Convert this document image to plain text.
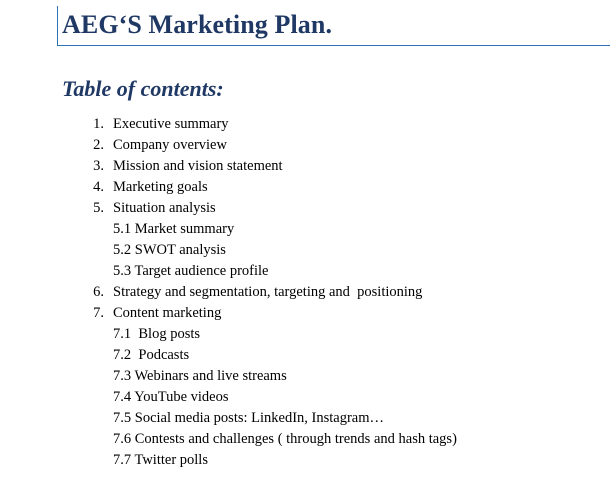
AEG‘S Marketing Plan.
Table of contents:
1. Executive summary
2. Company overview
3. Mission and vision statement
4. Marketing goals
5. Situation analysis
5.1 Market summary
5.2 SWOT analysis
5.3 Target audience profile
6. Strategy and segmentation, targeting and  positioning
7. Content marketing
7.1  Blog posts
7.2  Podcasts
7.3 Webinars and live streams
7.4 YouTube videos
7.5 Social media posts: LinkedIn, Instagram…
7.6 Contests and challenges ( through trends and hash tags)
7.7 Twitter polls
